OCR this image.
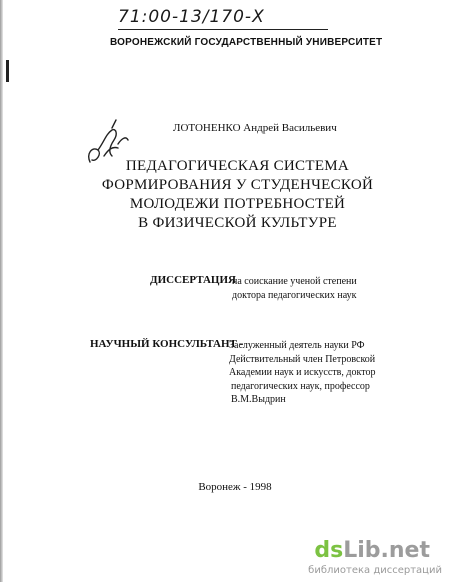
71:00-13/170-Х
ВОРОНЕЖСКИЙ ГОСУДАРСТВЕННЫЙ УНИВЕРСИТЕТ
ЛОТОНЕНКО Андрей Васильевич
ПЕДАГОГИЧЕСКАЯ СИСТЕМА
ФОРМИРОВАНИЯ У СТУДЕНЧЕСКОЙ
МОЛОДЕЖИ ПОТРЕБНОСТЕЙ
В ФИЗИЧЕСКОЙ КУЛЬТУРЕ
ДИССЕРТАЦИЯ
на соискание ученой степени
доктора педагогических наук
НАУЧНЫЙ КОНСУЛЬТАНТ -
Заслуженный деятель науки РФ
Действительный член Петровской
Академии наук и искусств, доктор
педагогических наук, профессор
В.М.Выдрин
Воронеж - 1998
dsLib.net
библиотека диссертаций
